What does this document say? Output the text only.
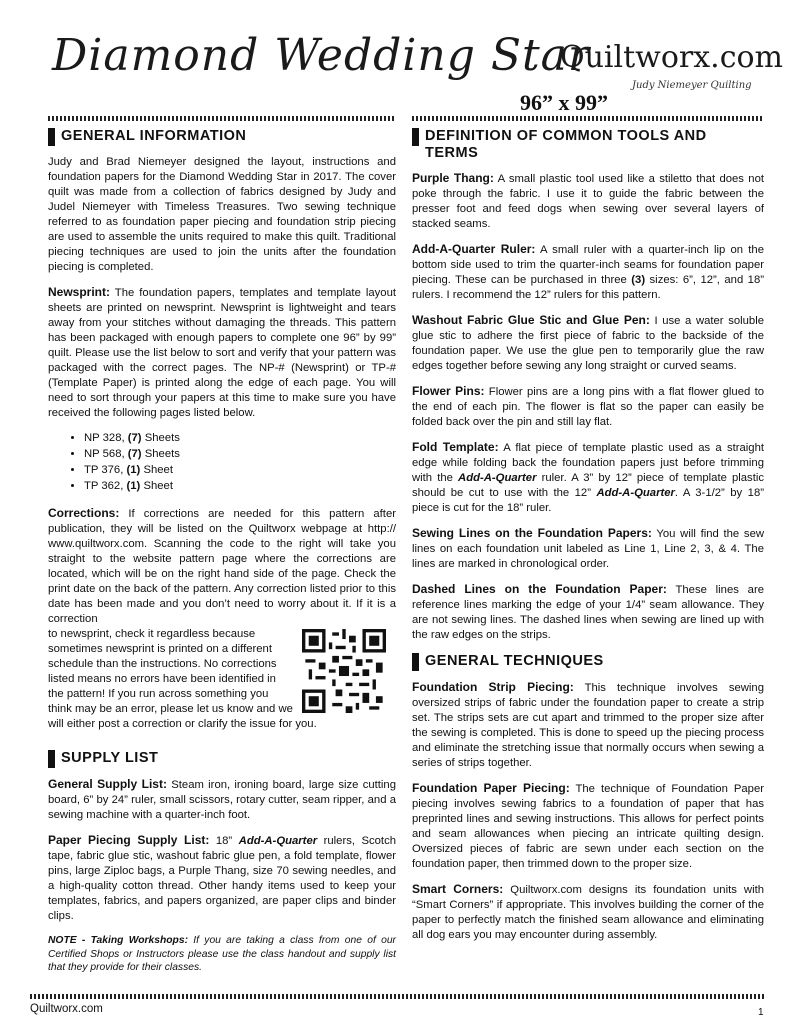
Diamond Wedding Star
Quiltworx.com
Judy Niemeyer Quilting
96” x 99”
GENERAL INFORMATION

Judy and Brad Niemeyer designed the layout, instructions and foundation papers for the Diamond Wedding Star in 2017. The cover quilt was made from a collection of fabrics designed by Judy and Judel Niemeyer with Timeless Treasures. Two sewing technique referred to as foundation paper piecing and foundation strip piecing are used to assemble the units required to make this quilt. Traditional piecing techniques are used to join the units after the foundation piecing is completed.

Newsprint: The foundation papers, templates and template layout sheets are printed on newsprint. Newsprint is lightweight and tears away from your stitches without damaging the threads. This pattern has been packaged with enough papers to complete one 96” by 99” quilt. Please use the list below to sort and verify that your pattern was packaged with the correct pages. The NP-# (Newsprint) or TP-# (Template Paper) is printed along the edge of each page. You will need to sort through your papers at this time to make sure you have received the following pages listed below.

• NP 328, (7) Sheets
• NP 568, (7) Sheets
• TP 376, (1) Sheet
• TP 362, (1) Sheet

Corrections: If corrections are needed for this pattern after publication, they will be listed on the Quiltworx webpage at http:// www.quiltworx.com. Scanning the code to the right will take you straight to the website pattern page where the corrections are located, which will be on the right hand side of the page. Check the print date on the back of the pattern. Any correction listed prior to this date has been made and you don’t need to worry about it. If it is a correction

to newsprint, check it regardless because sometimes newsprint is printed on a different schedule than the instructions. No corrections listed means no errors have been identified in the pattern! If you run across something you think may be an error, please let us know and we will either post a correction or clarify the issue for you.

SUPPLY LIST

General Supply List: Steam iron, ironing board, large size cutting board, 6” by 24” ruler, small scissors, rotary cutter, seam ripper, and a sewing machine with a quarter-inch foot.

Paper Piecing Supply List: 18” Add-A-Quarter rulers, Scotch tape, fabric glue stic, washout fabric glue pen, a fold template, flower pins, large Ziploc bags, a Purple Thang, size 70 sewing needles, and a high-quality cotton thread. Other handy items used to keep your templates, fabrics, and papers organized, are paper clips and binder clips.

NOTE - Taking Workshops: If you are taking a class from one of our Certified Shops or Instructors please use the class handout and supply list that they provide for their classes.

DEFINITION OF COMMON TOOLS AND TERMS

Purple Thang: A small plastic tool used like a stiletto that does not poke through the fabric. I use it to guide the fabric between the presser foot and feed dogs when sewing over several layers of stacked seams.

Add-A-Quarter Ruler: A small ruler with a quarter-inch lip on the bottom side used to trim the quarter-inch seams for foundation paper piecing. These can be purchased in three (3) sizes: 6”, 12”, and 18” rulers. I recommend the 12” rulers for this pattern.

Washout Fabric Glue Stic and Glue Pen: I use a water soluble glue stic to adhere the first piece of fabric to the backside of the foundation paper. We use the glue pen to temporarily glue the raw edges together before sewing any long straight or curved seams.

Flower Pins: Flower pins are a long pins with a flat flower glued to the end of each pin. The flower is flat so the paper can easily be folded back over the pin and still lay flat.

Fold Template: A flat piece of template plastic used as a straight edge while folding back the foundation papers just before trimming with the Add-A-Quarter ruler. A 3” by 12” piece of template plastic should be cut to use with the 12” Add-A-Quarter. A 3-1/2” by 18” piece is cut for the 18” ruler.

Sewing Lines on the Foundation Papers: You will find the sew lines on each foundation unit labeled as Line 1, Line 2, 3, & 4. The lines are marked in chronological order.

Dashed Lines on the Foundation Paper: These lines are reference lines marking the edge of your 1/4” seam allowance. They are not sewing lines. The dashed lines when sewing are lined up with the raw edges on the strips.

GENERAL TECHNIQUES

Foundation Strip Piecing: This technique involves sewing oversized strips of fabric under the foundation paper to create a strip set. The strips sets are cut apart and trimmed to the proper size after the sewing is completed. This is done to speed up the piecing process and eliminate the stretching issue that normally occurs when sewing a series of strips together.

Foundation Paper Piecing: The technique of Foundation Paper piecing involves sewing fabrics to a foundation of paper that has preprinted lines and sewing instructions. This allows for perfect points and seam allowances when piecing an intricate quilting design. Oversized pieces of fabric are sewn under each section on the foundation paper, then trimmed down to the proper size.

Smart Corners: Quiltworx.com designs its foundation units with “Smart Corners” if appropriate. This involves building the corner of the paper to perfectly match the finished seam allowance and eliminating all dog ears you may encounter during assembly.

Quiltworx.com	1
